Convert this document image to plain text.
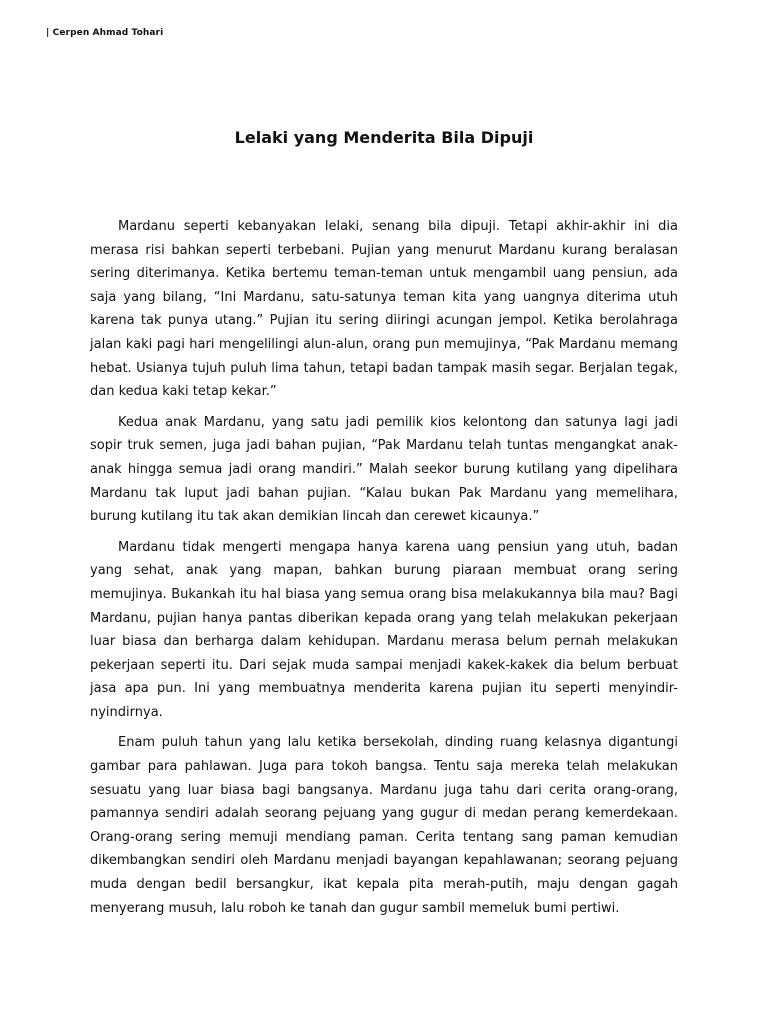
| Cerpen Ahmad Tohari
Lelaki yang Menderita Bila Dipuji

Mardanu seperti kebanyakan lelaki, senang bila dipuji. Tetapi akhir-akhir ini dia merasa risi bahkan seperti terbebani. Pujian yang menurut Mardanu kurang beralasan sering diterimanya. Ketika bertemu teman-teman untuk mengambil uang pensiun, ada saja yang bilang, “Ini Mardanu, satu-satunya teman kita yang uangnya diterima utuh karena tak punya utang.” Pujian itu sering diiringi acungan jempol. Ketika berolahraga jalan kaki pagi hari mengelilingi alun-alun, orang pun memujinya, “Pak Mardanu memang hebat. Usianya tujuh puluh lima tahun, tetapi badan tampak masih segar. Berjalan tegak, dan kedua kaki tetap kekar.”

Kedua anak Mardanu, yang satu jadi pemilik kios kelontong dan satunya lagi jadi sopir truk semen, juga jadi bahan pujian, “Pak Mardanu telah tuntas mengangkat anak-anak hingga semua jadi orang mandiri.” Malah seekor burung kutilang yang dipelihara Mardanu tak luput jadi bahan pujian. “Kalau bukan Pak Mardanu yang memelihara, burung kutilang itu tak akan demikian lincah dan cerewet kicaunya.”

Mardanu tidak mengerti mengapa hanya karena uang pensiun yang utuh, badan yang sehat, anak yang mapan, bahkan burung piaraan membuat orang sering memujinya. Bukankah itu hal biasa yang semua orang bisa melakukannya bila mau? Bagi Mardanu, pujian hanya pantas diberikan kepada orang yang telah melakukan pekerjaan luar biasa dan berharga dalam kehidupan. Mardanu merasa belum pernah melakukan pekerjaan seperti itu. Dari sejak muda sampai menjadi kakek-kakek dia belum berbuat jasa apa pun. Ini yang membuatnya menderita karena pujian itu seperti menyindir-nyindirnya.

Enam puluh tahun yang lalu ketika bersekolah, dinding ruang kelasnya digantungi gambar para pahlawan. Juga para tokoh bangsa. Tentu saja mereka telah melakukan sesuatu yang luar biasa bagi bangsanya. Mardanu juga tahu dari cerita orang-orang, pamannya sendiri adalah seorang pejuang yang gugur di medan perang kemerdekaan. Orang-orang sering memuji mendiang paman. Cerita tentang sang paman kemudian dikembangkan sendiri oleh Mardanu menjadi bayangan kepahlawanan; seorang pejuang muda dengan bedil bersangkur, ikat kepala pita merah-putih, maju dengan gagah menyerang musuh, lalu roboh ke tanah dan gugur sambil memeluk bumi pertiwi.
